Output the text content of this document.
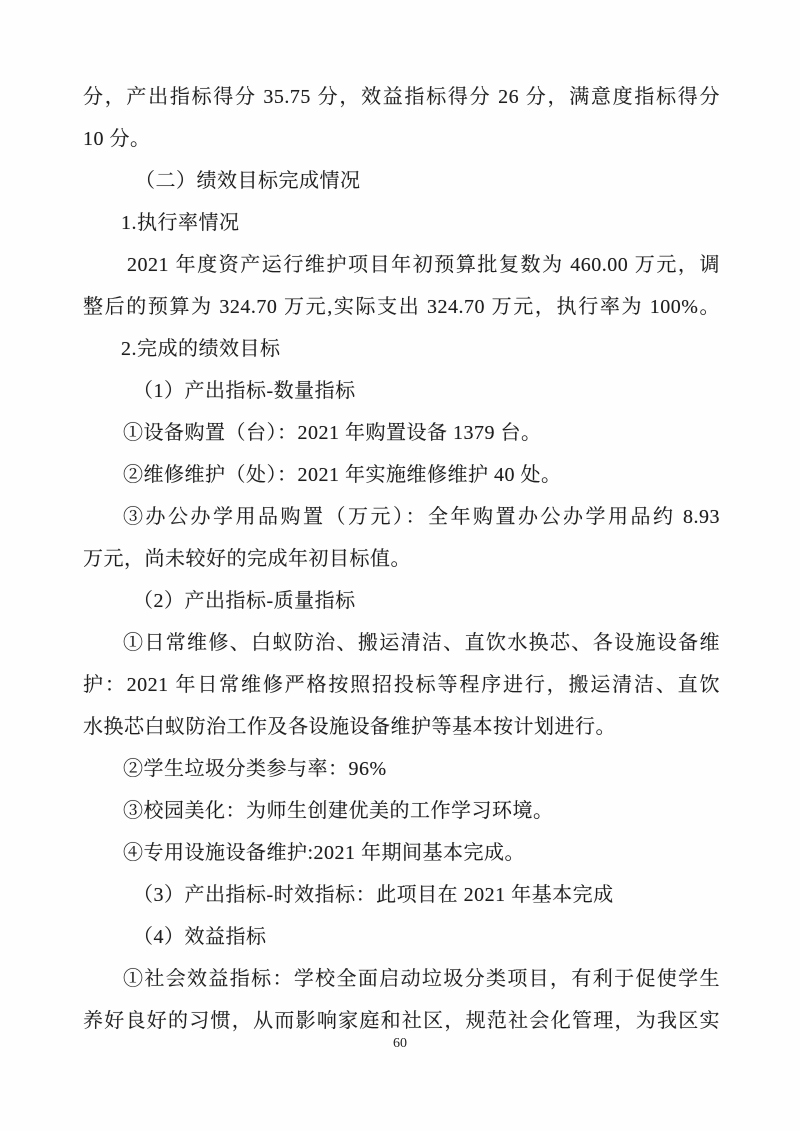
分，产出指标得分 35.75 分，效益指标得分 26 分，满意度指标得分

10 分。

（二）绩效目标完成情况

1.执行率情况

2021 年度资产运行维护项目年初预算批复数为 460.00 万元，调

整后的预算为 324.70 万元,实际支出 324.70 万元，执行率为 100%。

2.完成的绩效目标

（1）产出指标-数量指标

①设备购置（台）：2021 年购置设备 1379 台。

②维修维护（处）：2021 年实施维修维护 40 处。

③办公办学用品购置（万元）：全年购置办公办学用品约 8.93

万元，尚未较好的完成年初目标值。

（2）产出指标-质量指标

①日常维修、白蚁防治、搬运清洁、直饮水换芯、各设施设备维

护：2021 年日常维修严格按照招投标等程序进行，搬运清洁、直饮

水换芯白蚁防治工作及各设施设备维护等基本按计划进行。

②学生垃圾分类参与率：96%

③校园美化：为师生创建优美的工作学习环境。

④专用设施设备维护:2021 年期间基本完成。

（3）产出指标-时效指标：此项目在 2021 年基本完成

（4）效益指标

①社会效益指标：学校全面启动垃圾分类项目，有利于促使学生

养好良好的习惯，从而影响家庭和社区，规范社会化管理，为我区实

60
